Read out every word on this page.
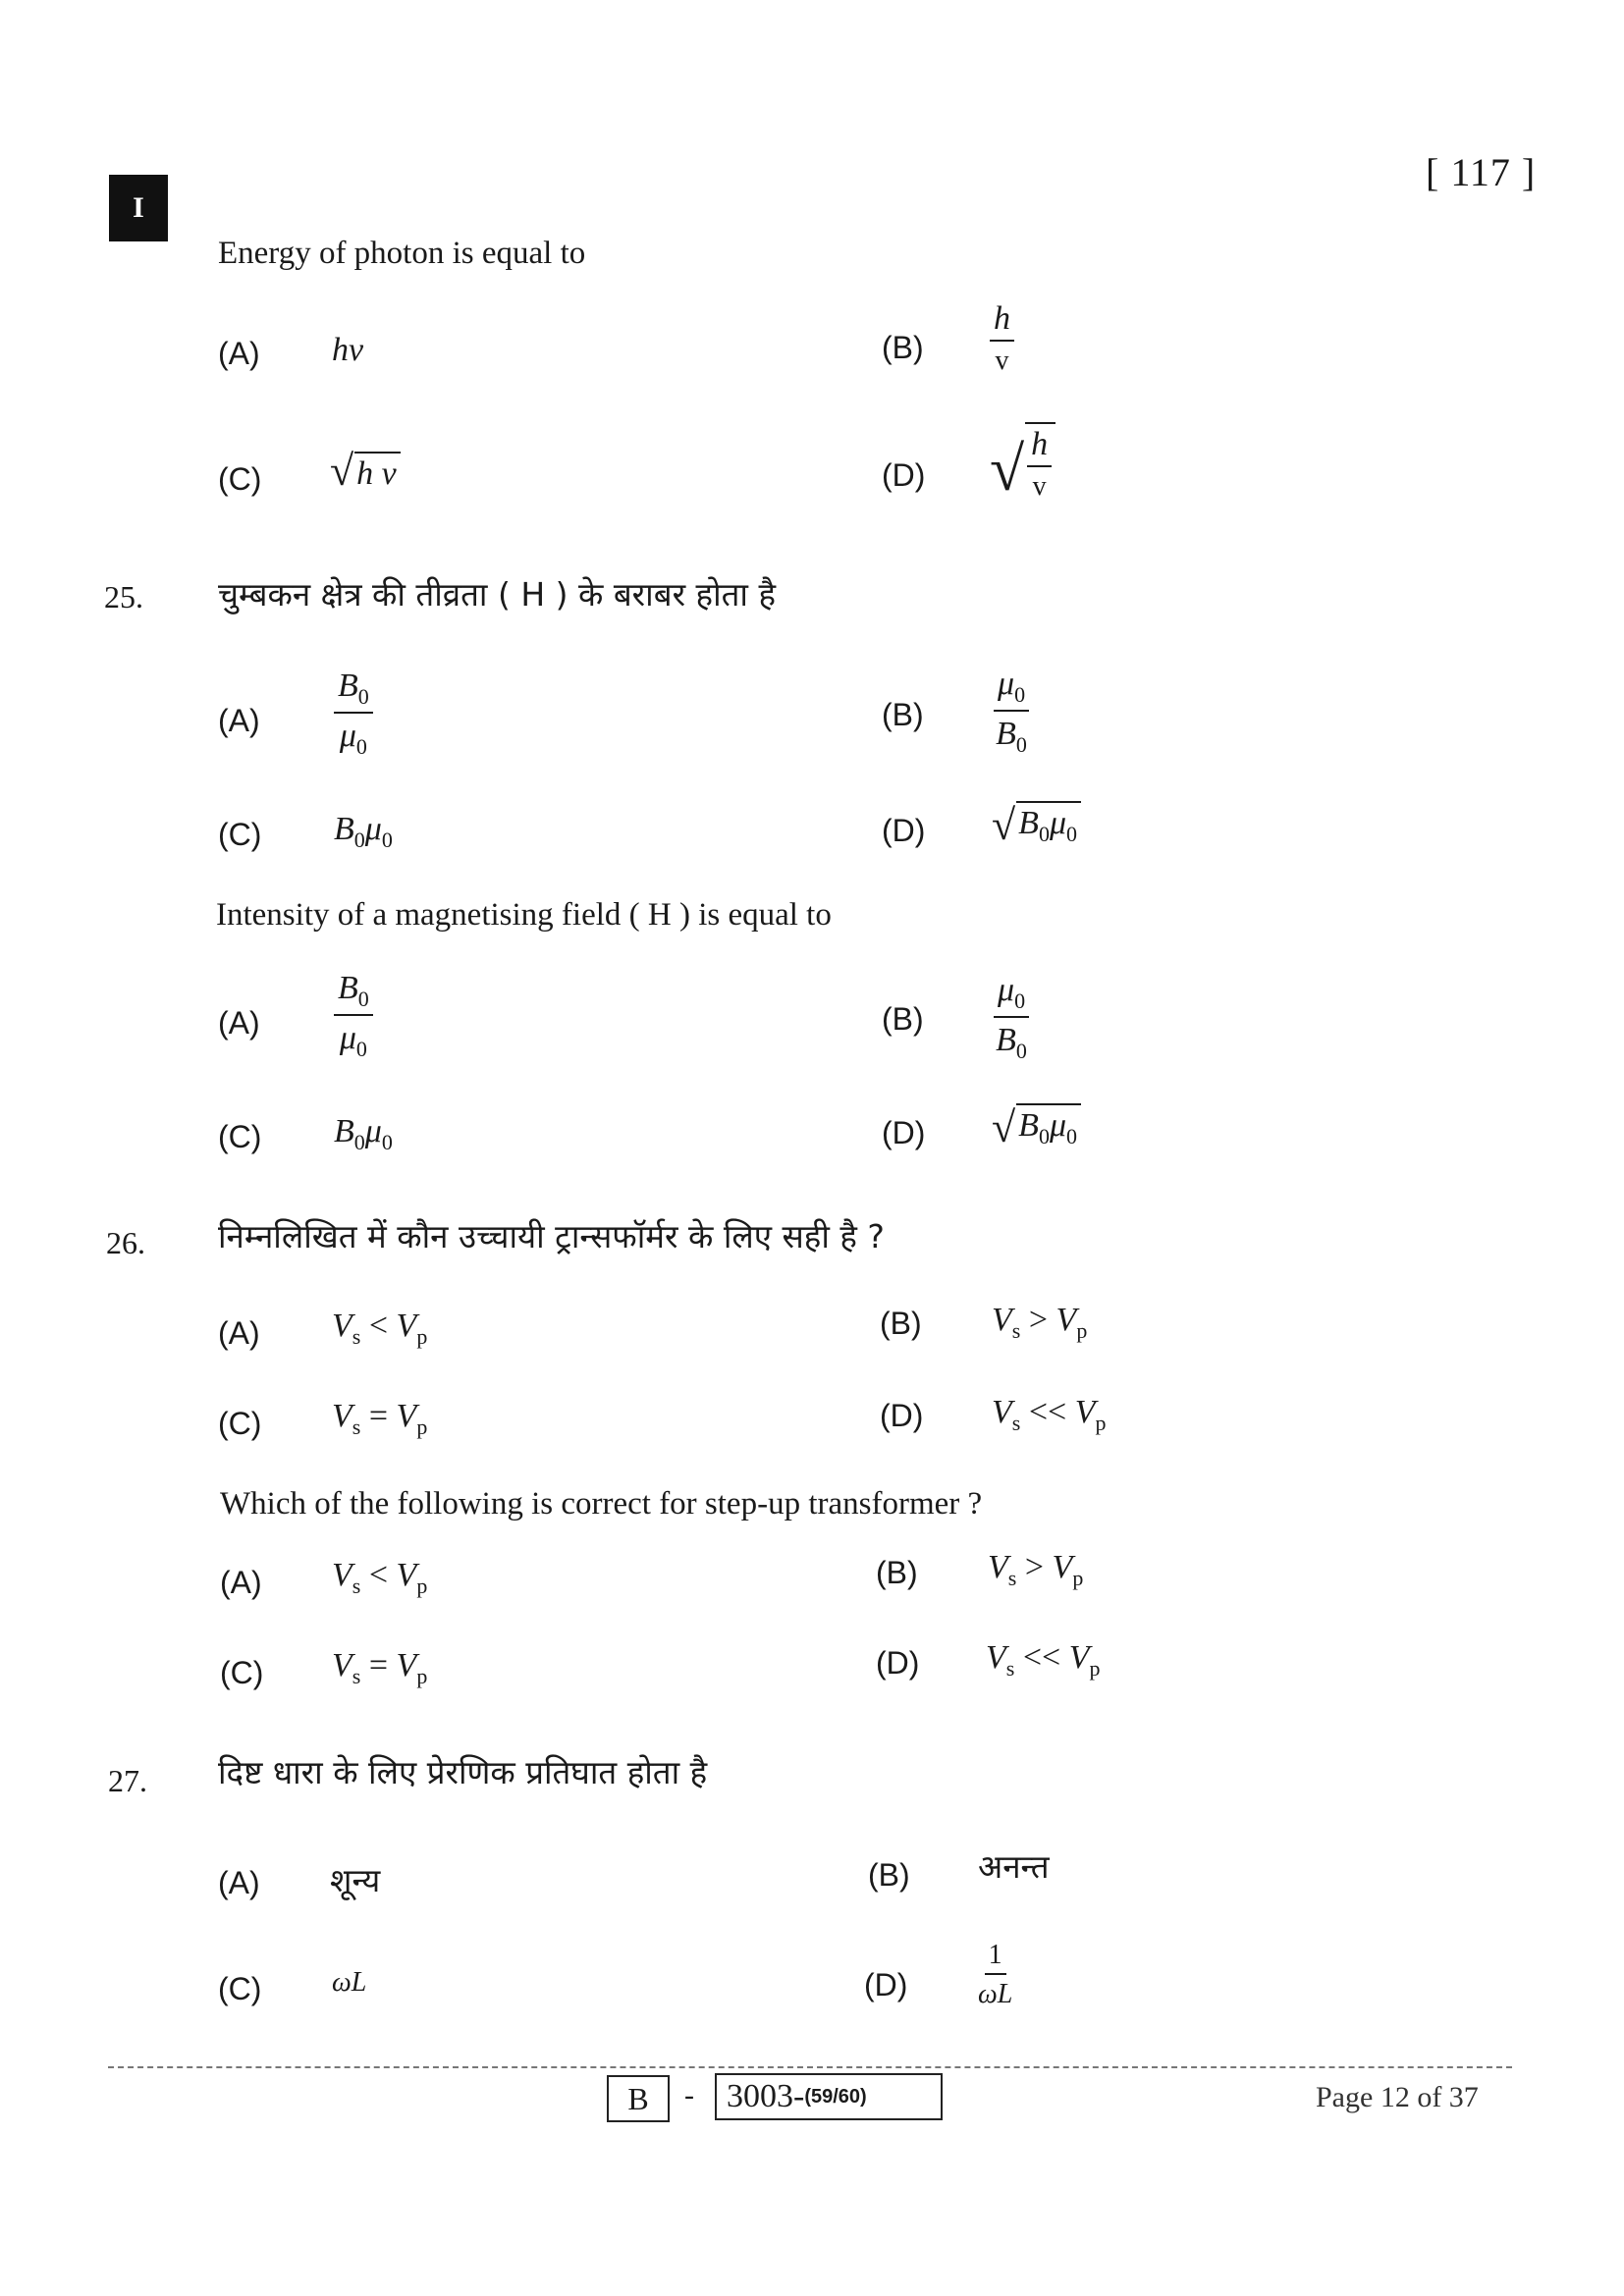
I
[ 117 ]
Energy of photon is equal to
(A) hv	(B)
h
v
(C) √ h v	(D) √ $\frac{h}{v}$
25. चुम्बकन क्षेत्र की तीव्रता ( H ) के बराबर होता है
$(A) \frac{B_0}{\mu_0}$	$(B) \frac{\mu_0}{B_0}$
(C) $B_0\mu_0$	(D) √ $B_0\mu_0$
Intensity of a magnetising field ( H ) is equal to
$(A) \frac{B_0}{\mu_0}$	$(B) \frac{\mu_0}{B_0}$
(C) $B_0\mu_0$	(D) √ $B_0\mu_0$
26. निम्नलिखित में कौन उच्चायी ट्रान्सफॉर्मर के लिए सही है ?
(A) $V_s < V_p$	(B) $V_s > V_p$
(C) $V_s = V_p$	(D) $V_s << V_p$
Which of the following is correct for step-up transformer ?
(A) $V_s < V_p$	(B) $V_s > V_p$
(C) $V_s = V_p$	(D) $V_s << V_p$
27. दिष्ट धारा के लिए प्रेरणिक प्रतिघात होता है
(A) शून्य	(B) अनन्त
(C)	ωL	(D)	$\frac{1}{\omega L}$
B	- 3003- (59/60)	Page 12 of 37
